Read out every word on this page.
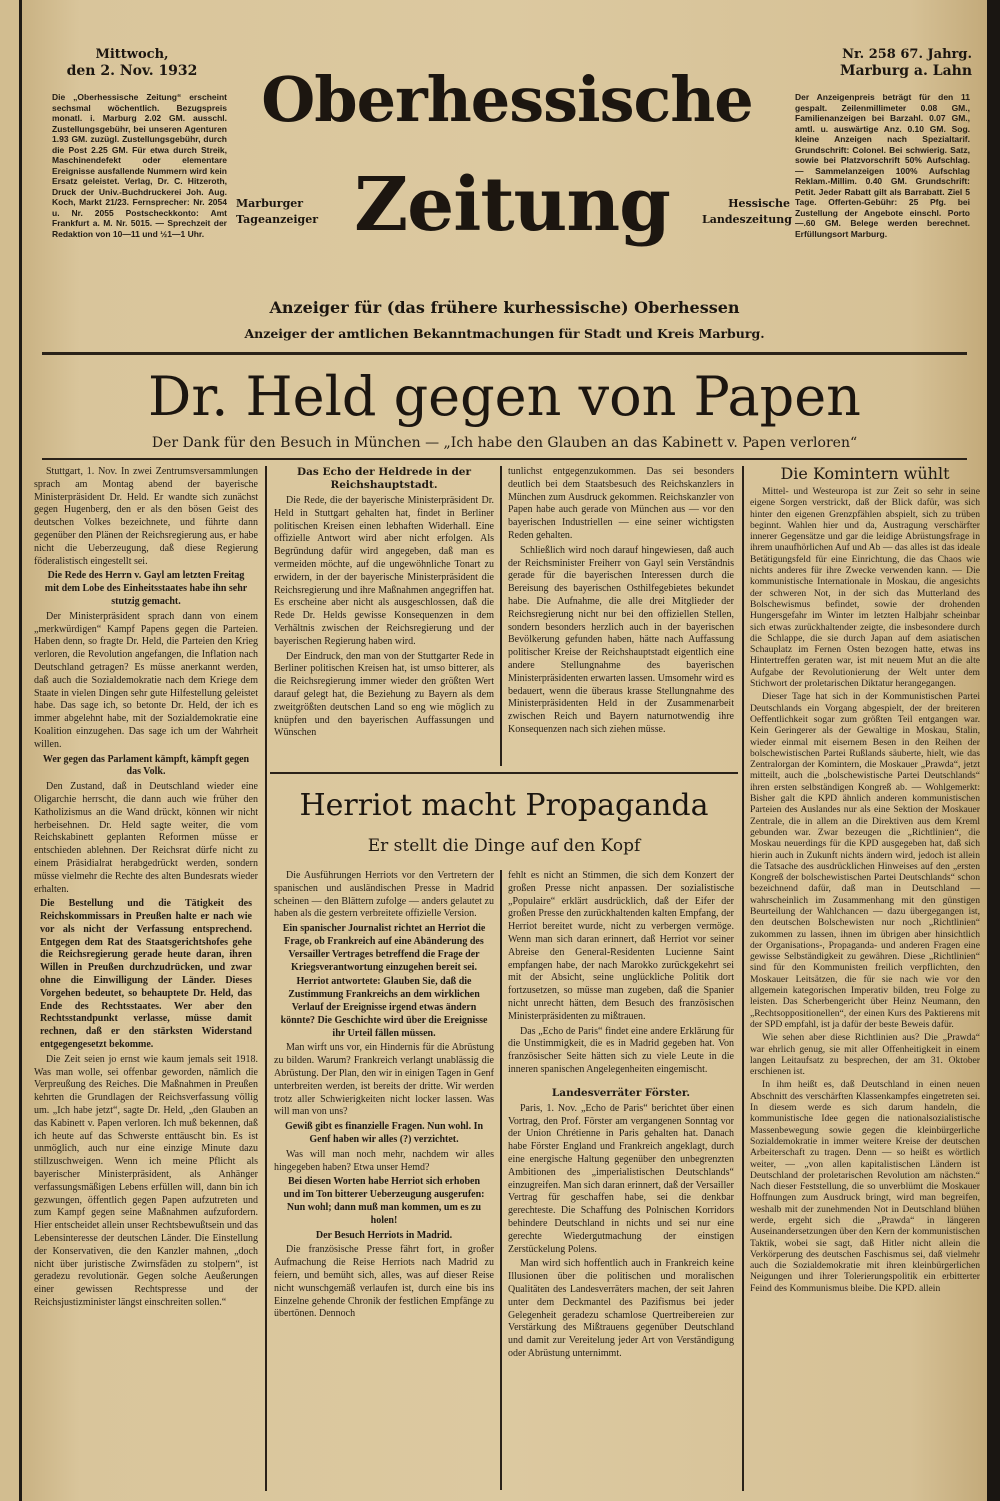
Mittwoch,
den 2. Nov. 1932
Die „Oberhessische Zeitung“ erscheint sechsmal wöchentlich. Bezugspreis monatl. i. Marburg 2.02 GM. ausschl. Zustellungsgebühr, bei unseren Agenturen 1.93 GM. zuzügl. Zustellungsgebühr, durch die Post 2.25 GM. Für etwa durch Streik, Maschinendefekt oder elementare Ereignisse ausfallende Nummern wird kein Ersatz geleistet. Verlag, Dr. C. Hitzeroth, Druck der Univ.-Buchdruckerei Joh. Aug. Koch, Markt 21/23. Fernsprecher: Nr. 2054 u. Nr. 2055 Postscheckkonto: Amt Frankfurt a. M. Nr. 5015. — Sprechzeit der Redaktion von 10—11 und ½1—1 Uhr.
Oberhessische
Zeitung
Marburger Tageanzeiger
Hessische Landeszeitung
Nr. 258 67. Jahrg.
Marburg a. Lahn
Der Anzeigenpreis beträgt für den 11 gespalt. Zeilenmillimeter 0.08 GM., Familienanzeigen bei Barzahl. 0.07 GM., amtl. u. auswärtige Anz. 0.10 GM. Sog. kleine Anzeigen nach Spezialtarif. Grundschrift: Colonel. Bei schwierig. Satz, sowie bei Platzvorschrift 50% Aufschlag. — Sammelanzeigen 100% Aufschlag Reklam.-Millim. 0.40 GM. Grundschrift: Petit. Jeder Rabatt gilt als Barrabatt. Ziel 5 Tage. Offerten-Gebühr: 25 Pfg. bei Zustellung der Angebote einschl. Porto —.60 GM. Belege werden berechnet. Erfüllungsort Marburg.
Anzeiger für (das frühere kurhessische) Oberhessen
Anzeiger der amtlichen Bekanntmachungen für Stadt und Kreis Marburg.
Dr. Held gegen von Papen
Der Dank für den Besuch in München — „Ich habe den Glauben an das Kabinett v. Papen verloren“

Stuttgart, 1. Nov. In zwei Zentrumsversammlungen sprach am Montag abend der bayerische Ministerpräsident Dr. Held. Er wandte sich zunächst gegen Hugenberg, den er als den bösen Geist des deutschen Volkes bezeichnete, und führte dann gegenüber den Plänen der Reichsregierung aus, er habe nicht die Ueberzeugung, daß diese Regierung föderalistisch eingestellt sei.

Die Rede des Herrn v. Gayl am letzten Freitag mit dem Lobe des Einheitsstaates habe ihn sehr stutzig gemacht.

Der Ministerpräsident sprach dann von einem „merkwürdigen“ Kampf Papens gegen die Parteien. Haben denn, so fragte Dr. Held, die Parteien den Krieg verloren, die Revolution angefangen, die Inflation nach Deutschland getragen? Es müsse anerkannt werden, daß auch die Sozialdemokratie nach dem Kriege dem Staate in vielen Dingen sehr gute Hilfestellung geleistet habe. Das sage ich, so betonte Dr. Held, der ich es immer abgelehnt habe, mit der Sozialdemokratie eine Koalition einzugehen. Das sage ich um der Wahrheit willen.

Wer gegen das Parlament kämpft, kämpft gegen das Volk.

Den Zustand, daß in Deutschland wieder eine Oligarchie herrscht, die dann auch wie früher den Katholizismus an die Wand drückt, können wir nicht herbeisehnen. Dr. Held sagte weiter, die vom Reichskabinett geplanten Reformen müsse er entschieden ablehnen. Der Reichsrat dürfe nicht zu einem Präsidialrat herabgedrückt werden, sondern müsse vielmehr die Rechte des alten Bundesrats wieder erhalten.

Die Bestellung und die Tätigkeit des Reichskommissars in Preußen halte er nach wie vor als nicht der Verfassung entsprechend. Entgegen dem Rat des Staatsgerichtshofes gehe die Reichsregierung gerade heute daran, ihren Willen in Preußen durchzudrücken, und zwar ohne die Einwilligung der Länder. Dieses Vorgehen bedeutet, so behauptete Dr. Held, das Ende des Rechtsstaates. Wer aber den Rechtsstandpunkt verlasse, müsse damit rechnen, daß er den stärksten Widerstand entgegengesetzt bekomme.

Die Zeit seien jo ernst wie kaum jemals seit 1918. Was man wolle, sei offenbar geworden, nämlich die Verpreußung des Reiches. Die Maßnahmen in Preußen kehrten die Grundlagen der Reichsverfassung völlig um. „Ich habe jetzt“, sagte Dr. Held, „den Glauben an das Kabinett v. Papen verloren. Ich muß bekennen, daß ich heute auf das Schwerste enttäuscht bin. Es ist unmöglich, auch nur eine einzige Minute dazu stillzuschweigen. Wenn ich meine Pflicht als bayerischer Ministerpräsident, als Anhänger verfassungsmäßigen Lebens erfüllen will, dann bin ich gezwungen, öffentlich gegen Papen aufzutreten und zum Kampf gegen seine Maßnahmen aufzufordern. Hier entscheidet allein unser Rechtsbewußtsein und das Lebensinteresse der deutschen Länder. Die Einstellung der Konservativen, die den Kanzler mahnen, „doch nicht über juristische Zwirnsfäden zu stolpern“, ist geradezu revolutionär. Gegen solche Aeußerungen einer gewissen Rechtspresse und der Reichsjustizminister längst einschreiten sollen.“

Das Echo der Heldrede in der Reichshauptstadt.

Die Rede, die der bayerische Ministerpräsident Dr. Held in Stuttgart gehalten hat, findet in Berliner politischen Kreisen einen lebhaften Widerhall. Eine offizielle Antwort wird aber nicht erfolgen. Als Begründung dafür wird angegeben, daß man es vermeiden möchte, auf die ungewöhnliche Tonart zu erwidern, in der der bayerische Ministerpräsident die Reichsregierung und ihre Maßnahmen angegriffen hat. Es erscheine aber nicht als ausgeschlossen, daß die Rede Dr. Helds gewisse Konsequenzen in dem Verhältnis zwischen der Reichsregierung und der bayerischen Regierung haben wird.

Der Eindruck, den man von der Stuttgarter Rede in Berliner politischen Kreisen hat, ist umso bitterer, als die Reichsregierung immer wieder den größten Wert darauf gelegt hat, die Beziehung zu Bayern als dem zweitgrößten deutschen Land so eng wie möglich zu knüpfen und den bayerischen Auffassungen und Wünschen

tunlichst entgegenzukommen. Das sei besonders deutlich bei dem Staatsbesuch des Reichskanzlers in München zum Ausdruck gekommen. Reichskanzler von Papen habe auch gerade von München aus — vor den bayerischen Industriellen — eine seiner wichtigsten Reden gehalten.

Schließlich wird noch darauf hingewiesen, daß auch der Reichsminister Freiherr von Gayl sein Verständnis gerade für die bayerischen Interessen durch die Bereisung des bayerischen Osthilfegebietes bekundet habe. Die Aufnahme, die alle drei Mitglieder der Reichsregierung nicht nur bei den offiziellen Stellen, sondern besonders herzlich auch in der bayerischen Bevölkerung gefunden haben, hätte nach Auffassung politischer Kreise der Reichshauptstadt eigentlich eine andere Stellungnahme des bayerischen Ministerpräsidenten erwarten lassen. Umsomehr wird es bedauert, wenn die überaus krasse Stellungnahme des Ministerpräsidenten Held in der Zusammenarbeit zwischen Reich und Bayern naturnotwendig ihre Konsequenzen nach sich ziehen müsse.

Herriot macht Propaganda
Er stellt die Dinge auf den Kopf

Die Ausführungen Herriots vor den Vertretern der spanischen und ausländischen Presse in Madrid scheinen — den Blättern zufolge — anders gelautet zu haben als die gestern verbreitete offizielle Version.

Ein spanischer Journalist richtet an Herriot die Frage, ob Frankreich auf eine Abänderung des Versailler Vertrages betreffend die Frage der Kriegsverantwortung einzugehen bereit sei.

Herriot antwortete: Glauben Sie, daß die Zustimmung Frankreichs an dem wirklichen Verlauf der Ereignisse irgend etwas ändern könnte? Die Geschichte wird über die Ereignisse ihr Urteil fällen müssen.

Man wirft uns vor, ein Hindernis für die Abrüstung zu bilden. Warum? Frankreich verlangt unablässig die Abrüstung. Der Plan, den wir in einigen Tagen in Genf unterbreiten werden, ist bereits der dritte. Wir werden trotz aller Schwierigkeiten nicht locker lassen. Was will man von uns?

Gewiß gibt es finanzielle Fragen. Nun wohl. In Genf haben wir alles (?) verzichtet.

Was will man noch mehr, nachdem wir alles hingegeben haben? Etwa unser Hemd?

Bei diesen Worten habe Herriot sich erhoben und im Ton bitterer Ueberzeugung ausgerufen: Nun wohl; dann muß man kommen, um es zu holen!

Der Besuch Herriots in Madrid.

Die französische Presse fährt fort, in großer Aufmachung die Reise Herriots nach Madrid zu feiern, und bemüht sich, alles, was auf dieser Reise nicht wunschgemäß verlaufen ist, durch eine bis ins Einzelne gehende Chronik der festlichen Empfänge zu übertönen. Dennoch

fehlt es nicht an Stimmen, die sich dem Konzert der großen Presse nicht anpassen. Der sozialistische „Populaire“ erklärt ausdrücklich, daß der Eifer der großen Presse den zurückhaltenden kalten Empfang, der Herriot bereitet wurde, nicht zu verbergen vermöge. Wenn man sich daran erinnert, daß Herriot vor seiner Abreise den General-Residenten Lucienne Saint empfangen habe, der nach Marokko zurückgekehrt sei mit der Absicht, seine unglückliche Politik dort fortzusetzen, so müsse man zugeben, daß die Spanier nicht unrecht hätten, dem Besuch des französischen Ministerpräsidenten zu mißtrauen.

Das „Echo de Paris“ findet eine andere Erklärung für die Unstimmigkeit, die es in Madrid gegeben hat. Von französischer Seite hätten sich zu viele Leute in die inneren spanischen Angelegenheiten eingemischt.

Landesverräter Förster.

Paris, 1. Nov. „Echo de Paris“ berichtet über einen Vortrag, den Prof. Förster am vergangenen Sonntag vor der Union Chrétienne in Paris gehalten hat. Danach habe Förster England und Frankreich angeklagt, durch eine energische Haltung gegenüber den unbegrenzten Ambitionen des „imperialistischen Deutschlands“ einzugreifen. Man sich daran erinnert, daß der Versailler Vertrag für geschaffen habe, sei die denkbar gerechteste. Die Schaffung des Polnischen Korridors behindere Deutschland in nichts und sei nur eine gerechte Wiedergutmachung der einstigen Zerstückelung Polens.

Man wird sich hoffentlich auch in Frankreich keine Illusionen über die politischen und moralischen Qualitäten des Landesverräters machen, der seit Jahren unter dem Deckmantel des Pazifismus bei jeder Gelegenheit geradezu schamlose Quertreibereien zur Verstärkung des Mißtrauens gegenüber Deutschland und damit zur Vereitelung jeder Art von Verständigung oder Abrüstung unternimmt.

Die Komintern wühlt

Mittel- und Westeuropa ist zur Zeit so sehr in seine eigene Sorgen verstrickt, daß der Blick dafür, was sich hinter den eigenen Grenzpfählen abspielt, sich zu trüben beginnt. Wahlen hier und da, Austragung verschärfter innerer Gegensätze und gar die leidige Abrüstungsfrage in ihrem unaufhörlichen Auf und Ab — das alles ist das ideale Betätigungsfeld für eine Einrichtung, die das Chaos wie nichts anderes für ihre Zwecke verwenden kann. — Die kommunistische Internationale in Moskau, die angesichts der schweren Not, in der sich das Mutterland des Bolschewismus befindet, sowie der drohenden Hungersgefahr im Winter im letzten Halbjahr scheinbar sich etwas zurückhaltender zeigte, die insbesondere durch die Schlappe, die sie durch Japan auf dem asiatischen Schauplatz im Fernen Osten bezogen hatte, etwas ins Hintertreffen geraten war, ist mit neuem Mut an die alte Aufgabe der Revolutionierung der Welt unter dem Stichwort der proletarischen Diktatur herangegangen.

Dieser Tage hat sich in der Kommunistischen Partei Deutschlands ein Vorgang abgespielt, der der breiteren Oeffentlichkeit sogar zum größten Teil entgangen war. Kein Geringerer als der Gewaltige in Moskau, Stalin, wieder einmal mit eisernem Besen in den Reihen der bolschewistischen Partei Rußlands säuberte, hielt, wie das Zentralorgan der Komintern, die Moskauer „Prawda“, jetzt mitteilt, auch die „bolschewistische Partei Deutschlands“ ihren ersten selbständigen Kongreß ab. — Wohlgemerkt: Bisher galt die KPD ähnlich anderen kommunistischen Parteien des Auslandes nur als eine Sektion der Moskauer Zentrale, die in allem an die Direktiven aus dem Kreml gebunden war. Zwar bezeugen die „Richtlinien“, die Moskau neuerdings für die KPD ausgegeben hat, daß sich hierin auch in Zukunft nichts ändern wird, jedoch ist allein die Tatsache des ausdrücklichen Hinweises auf den „ersten Kongreß der bolschewistischen Partei Deutschlands“ schon bezeichnend dafür, daß man in Deutschland — wahrscheinlich im Zusammenhang mit den günstigen Beurteilung der Wahlchancen — dazu übergegangen ist, den deutschen Bolschewisten nur noch „Richtlinien“ zukommen zu lassen, ihnen im übrigen aber hinsichtlich der Organisations-, Propaganda- und anderen Fragen eine gewisse Selbständigkeit zu gewähren. Diese „Richtlinien“ sind für den Kommunisten freilich verpflichten, den Moskauer Leitsätzen, die für sie nach wie vor den allgemein kategorischen Imperativ bilden, treu Folge zu leisten. Das Scherbengericht über Heinz Neumann, den „Rechtsoppositionellen“, der einen Kurs des Paktierens mit der SPD empfahl, ist ja dafür der beste Beweis dafür.

Wie sehen aber diese Richtlinien aus? Die „Prawda“ war ehrlich genug, sie mit aller Offenheitigkeit in einem langen Leitaufsatz zu besprechen, der am 31. Oktober erschienen ist.

In ihm heißt es, daß Deutschland in einen neuen Abschnitt des verschärften Klassenkampfes eingetreten sei. In diesem werde es sich darum handeln, die kommunistische Idee gegen die nationalsozialistische Massenbewegung sowie gegen die kleinbürgerliche Sozialdemokratie in immer weitere Kreise der deutschen Arbeiterschaft zu tragen. Denn — so heißt es wörtlich weiter, — „von allen kapitalistischen Ländern ist Deutschland der proletarischen Revolution am nächsten.“ Nach dieser Feststellung, die so unverblümt die Moskauer Hoffnungen zum Ausdruck bringt, wird man begreifen, weshalb mit der zunehmenden Not in Deutschland blühen werde, ergeht sich die „Prawda“ in längeren Auseinandersetzungen über den Kern der kommunistischen Taktik, wobei sie sagt, daß Hitler nicht allein die Verkörperung des deutschen Faschismus sei, daß vielmehr auch die Sozialdemokratie mit ihren kleinbürgerlichen Neigungen und ihrer Tolerierungspolitik ein erbitterter Feind des Kommunismus bleibe. Die KPD. allein
